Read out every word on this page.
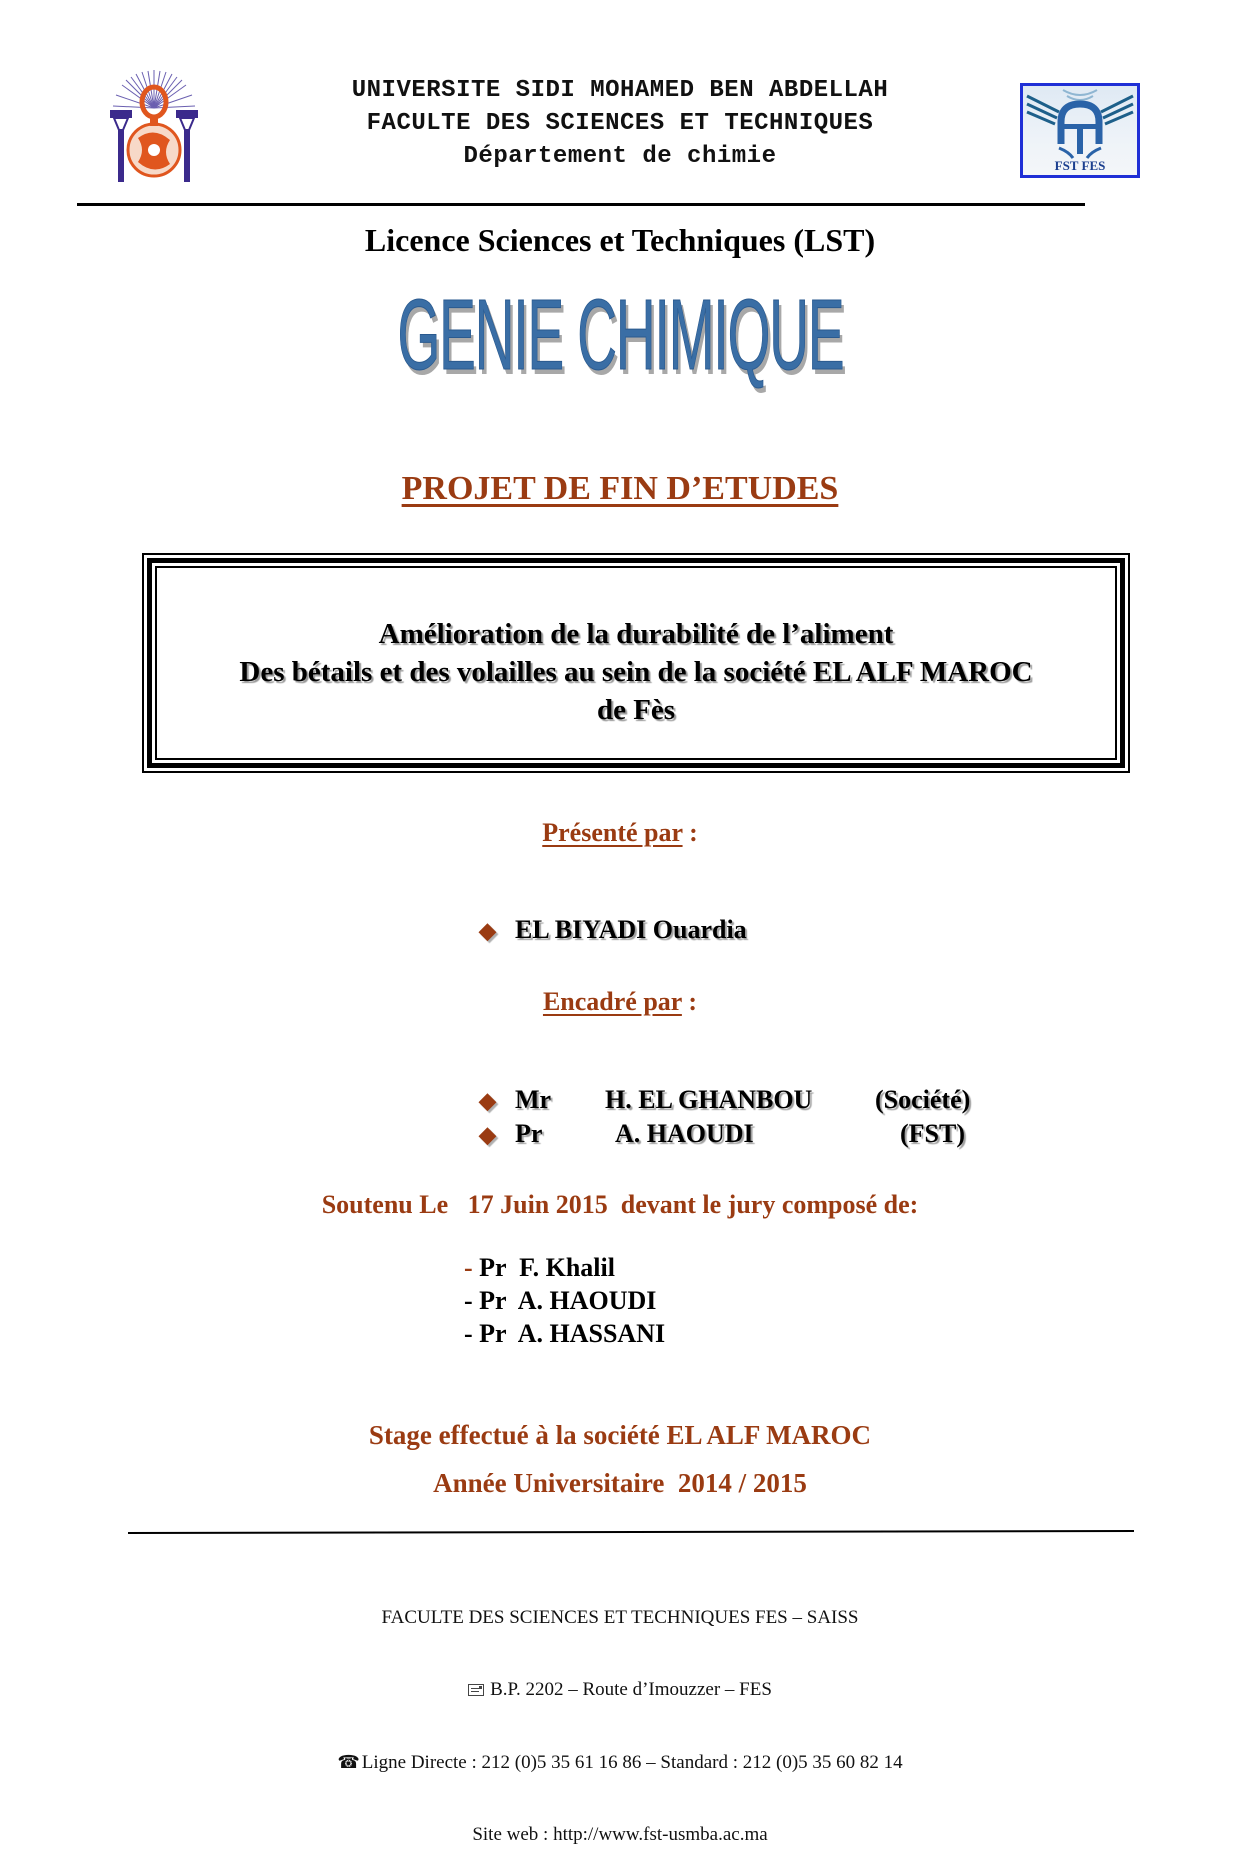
UNIVERSITE SIDI MOHAMED BEN ABDELLAH
FACULTE DES SCIENCES ET TECHNIQUES
Département de chimie	FST FES
Licence Sciences et Techniques (LST)
GENIE CHIMIQUE
PROJET DE FIN D’ETUDES
Amélioration de la durabilité de l’aliment
Des bétails et des volailles au sein de la société EL ALF MAROC
de Fès
Présenté par :

◆ EL BIYADI Ouardia

Encadré par :

◆ Mr H. EL GHANBOU (Société)

◆ Pr	A. HAOUDI	(FST)

Soutenu Le 17 Juin 2015 devant le jury composé de:
- Pr F. Khalil
- Pr A. HAOUDI
- Pr A. HASSANI
Stage effectué à la société EL ALF MAROC
Année Universitaire 2014 / 2015

FACULTE DES SCIENCES ET TECHNIQUES FES – SAISS

B.P. 2202 – Route d’Imouzzer – FES

☎ Ligne Directe : 212 (0)5 35 61 16 86 – Standard : 212 (0)5 35 60 82 14

Site web : http://www.fst-usmba.ac.ma
